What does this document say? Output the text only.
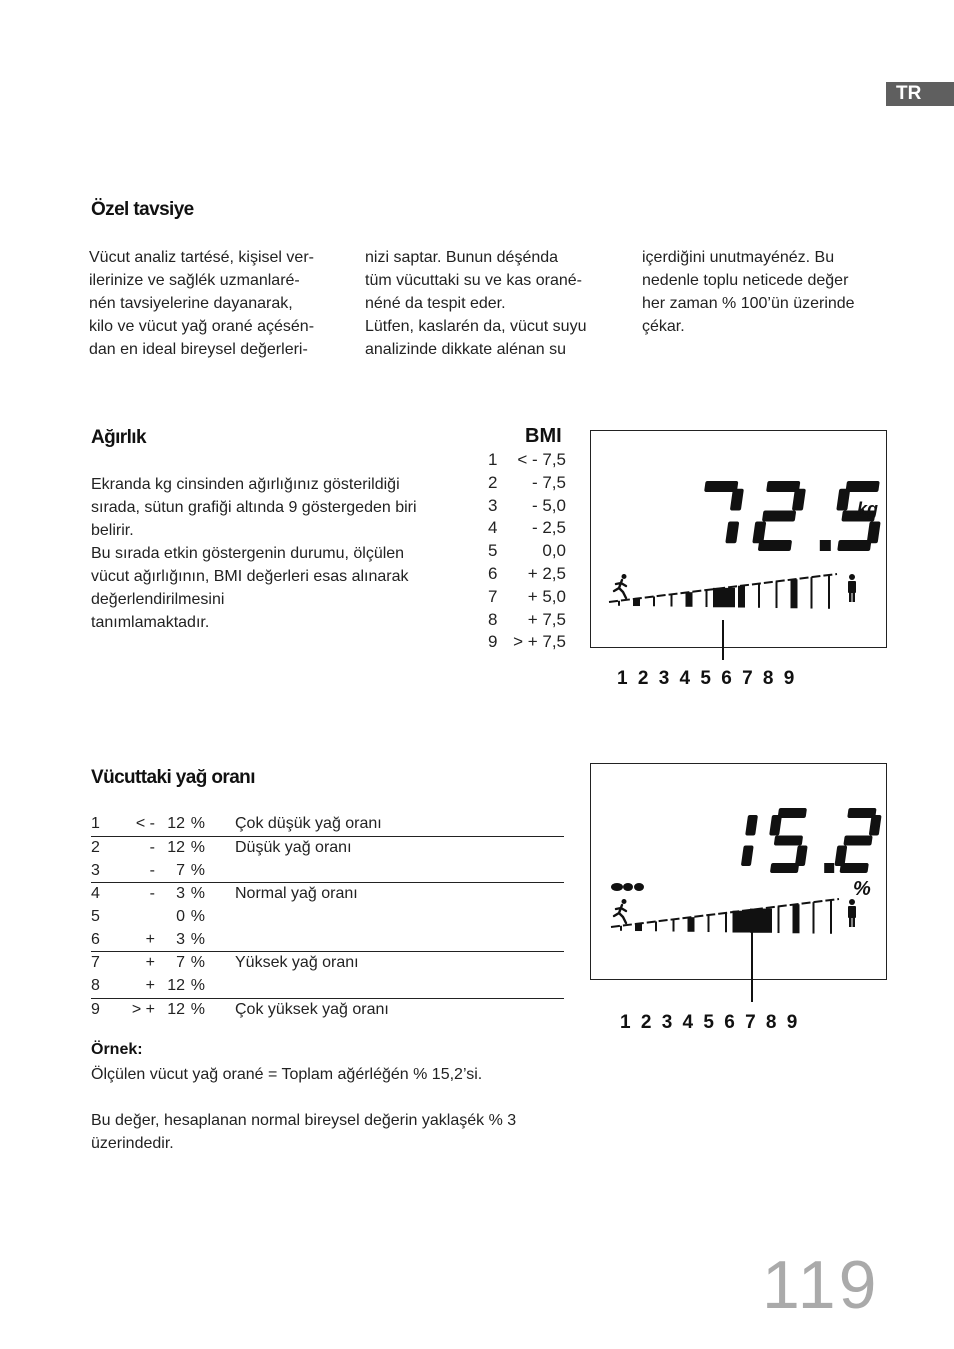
TR
Özel tavsiye
Vücut analiz tartésé, kişisel ver-
ilerinize ve sağlék uzmanlaré-
nén tavsiyelerine dayanarak,
kilo ve vücut yağ orané açésén-
dan en ideal bireysel değerleri-
nizi saptar. Bunun déşénda
tüm vücuttaki su ve kas orané-
néné da tespit eder.
Lütfen, kaslarén da, vücut suyu
analizinde dikkate alénan su
içerdiğini unutmayénéz. Bu
nedenle toplu neticede değer
her zaman % 100’ün üzerinde
çékar.
Ağırlık
Ekranda kg cinsinden ağırlığınız gösterildiği
sırada, sütun grafiği altında 9 göstergeden biri
belirir.
Bu sırada etkin göstergenin durumu, ölçülen
vücut ağırlığının, BMI değerleri esas alınarak
değerlendirilmesini
tanımlamaktadır.
BMI
1 < - 7,5
2 - 7,5
3 - 5,0
4 - 2,5
5	0,0
6 + 2,5
7 + 5,0
8 + 7,5
9 > + 7,5
kg
1 2 3 4 5 6 7 8 9
Vücuttaki yağ oranı
1	< -	12	%		Çok düşük yağ oranı
2	-	12	%		Düşük yağ oranı
3	-	7	%		
4	-	3	%		Normal yağ oranı
5		0	%		
6	+	3	%		
7	+	7	%		Yüksek yağ oranı
8	+	12	%		
9	> +	12	%		Çok yüksek yağ oranı
Örnek:
Ölçülen vücut yağ orané = Toplam ağérléğén % 15,2’si.
Bu değer, hesaplanan normal bireysel değerin yaklaşék % 3
üzerindedir.
%
1 2 3 4 5 6 7 8 9
119
